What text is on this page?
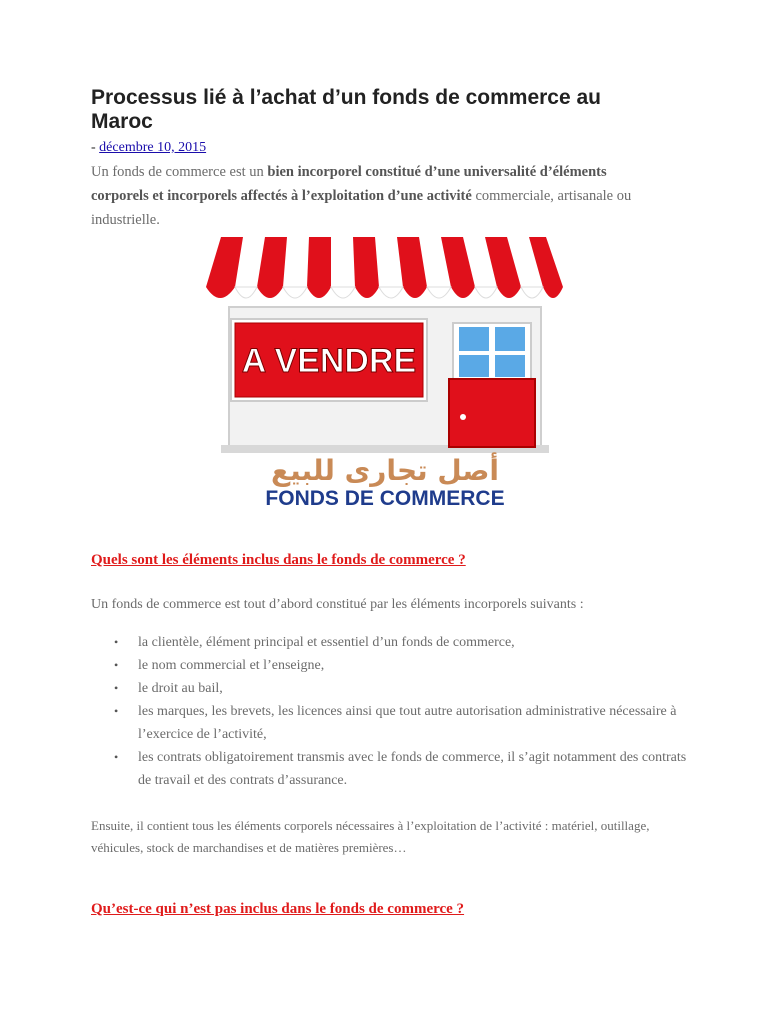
Processus lié à l’achat d’un fonds de commerce au Maroc
- décembre 10, 2015

Un fonds de commerce est un bien incorporel constitué d’une universalité d’éléments corporels et incorporels affectés à l’exploitation d’une activité commerciale, artisanale ou industrielle.

A VENDRE
أصل تجارى للبيع
FONDS DE COMMERCE
Quels sont les éléments inclus dans le fonds de commerce ?

Un fonds de commerce est tout d’abord constitué par les éléments incorporels suivants :

• la clientèle, élément principal et essentiel d’un fonds de commerce,
• le nom commercial et l’enseigne,
• le droit au bail,
• les marques, les brevets, les licences ainsi que tout autre autorisation administrative nécessaire à l’exercice de l’activité,
• les contrats obligatoirement transmis avec le fonds de commerce, il s’agit notamment des contrats de travail et des contrats d’assurance.

Ensuite, il contient tous les éléments corporels nécessaires à l’exploitation de l’activité : matériel, outillage, véhicules, stock de marchandises et de matières premières…

Qu’est-ce qui n’est pas inclus dans le fonds de commerce ?
